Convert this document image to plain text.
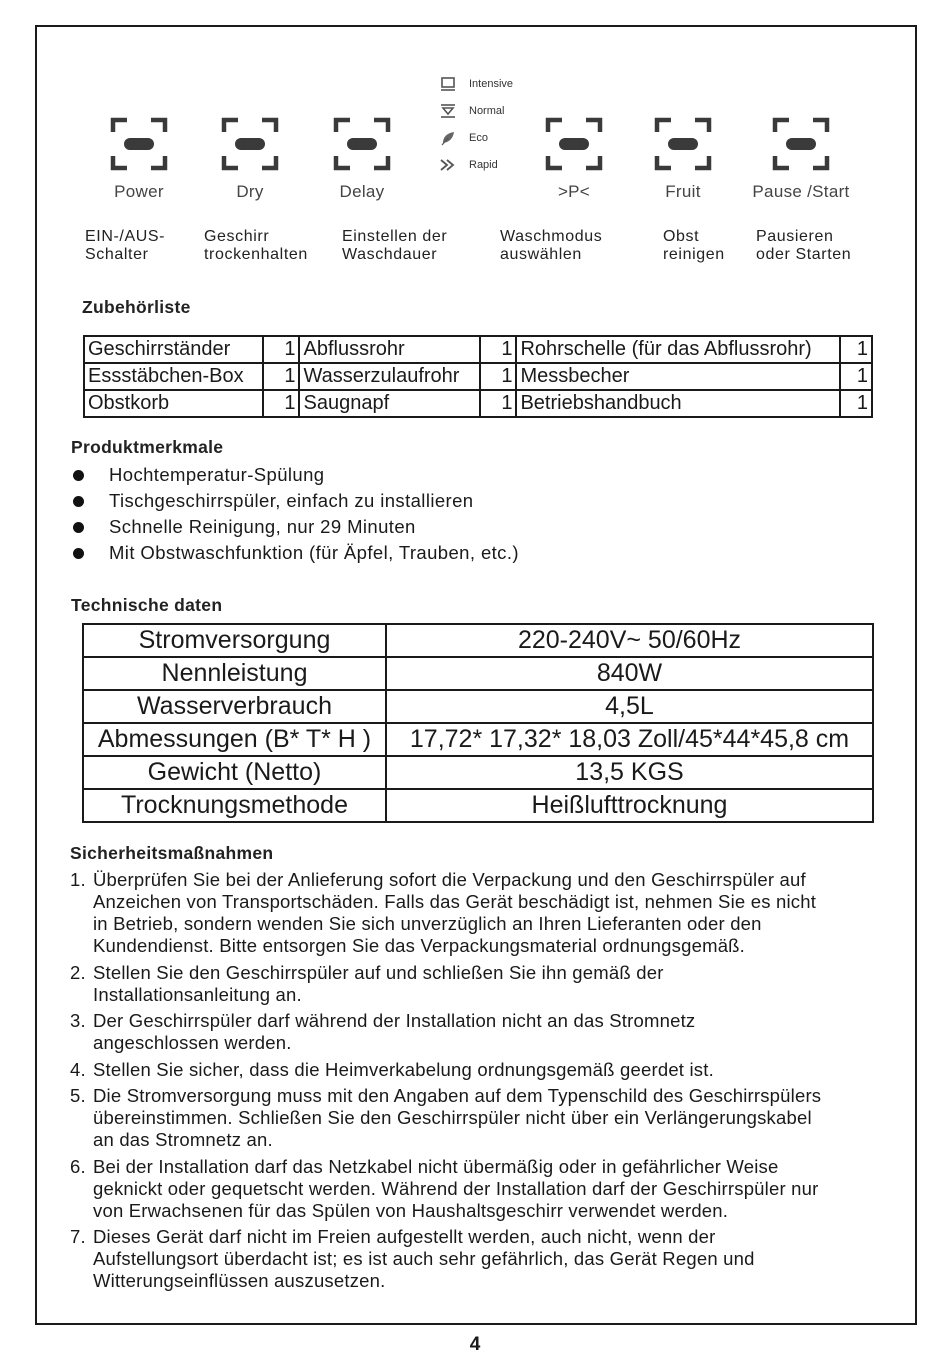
Power	Dry	Delay	>P<	Fruit	Pause /Start
Intensive
Normal
Eco
Rapid
EIN-/AUS-
Schalter
Geschirr
trockenhalten
Einstellen der
Waschdauer
Waschmodus
auswählen
Obst
reinigen
Pausieren
oder Starten
Zubehörliste
Geschirrständer	1	Abflussrohr	1	Rohrschelle (für das Abflussrohr)	1
Essstäbchen-Box	1	Wasserzulaufrohr	1	Messbecher	1
Obstkorb	1	Saugnapf	1	Betriebshandbuch	1
Produktmerkmale
Hochtemperatur-Spülung
Tischgeschirrspüler, einfach zu installieren
Schnelle Reinigung, nur 29 Minuten
Mit Obstwaschfunktion (für Äpfel, Trauben, etc.)
Technische daten
Stromversorgung	220-240V~ 50/60Hz
Nennleistung	840W
Wasserverbrauch	4,5L
Abmessungen (B* T* H )	17,72* 17,32* 18,03 Zoll/45*44*45,8 cm
Gewicht (Netto)	13,5 KGS
Trocknungsmethode	Heißlufttrocknung
Sicherheitsmaßnahmen
1. Überprüfen Sie bei der Anlieferung sofort die Verpackung und den Geschirrspüler auf
Anzeichen von Transportschäden. Falls das Gerät beschädigt ist, nehmen Sie es nicht
in Betrieb, sondern wenden Sie sich unverzüglich an Ihren Lieferanten oder den
Kundendienst. Bitte entsorgen Sie das Verpackungsmaterial ordnungsgemäß.
2. Stellen Sie den Geschirrspüler auf und schließen Sie ihn gemäß der
Installationsanleitung an.
3. Der Geschirrspüler darf während der Installation nicht an das Stromnetz
angeschlossen werden.
4. Stellen Sie sicher, dass die Heimverkabelung ordnungsgemäß geerdet ist.
5. Die Stromversorgung muss mit den Angaben auf dem Typenschild des Geschirrspülers
übereinstimmen. Schließen Sie den Geschirrspüler nicht über ein Verlängerungskabel
an das Stromnetz an.
6. Bei der Installation darf das Netzkabel nicht übermäßig oder in gefährlicher Weise
geknickt oder gequetscht werden. Während der Installation darf der Geschirrspüler nur
von Erwachsenen für das Spülen von Haushaltsgeschirr verwendet werden.
7. Dieses Gerät darf nicht im Freien aufgestellt werden, auch nicht, wenn der
Aufstellungsort überdacht ist; es ist auch sehr gefährlich, das Gerät Regen und
Witterungseinflüssen auszusetzen.
4
